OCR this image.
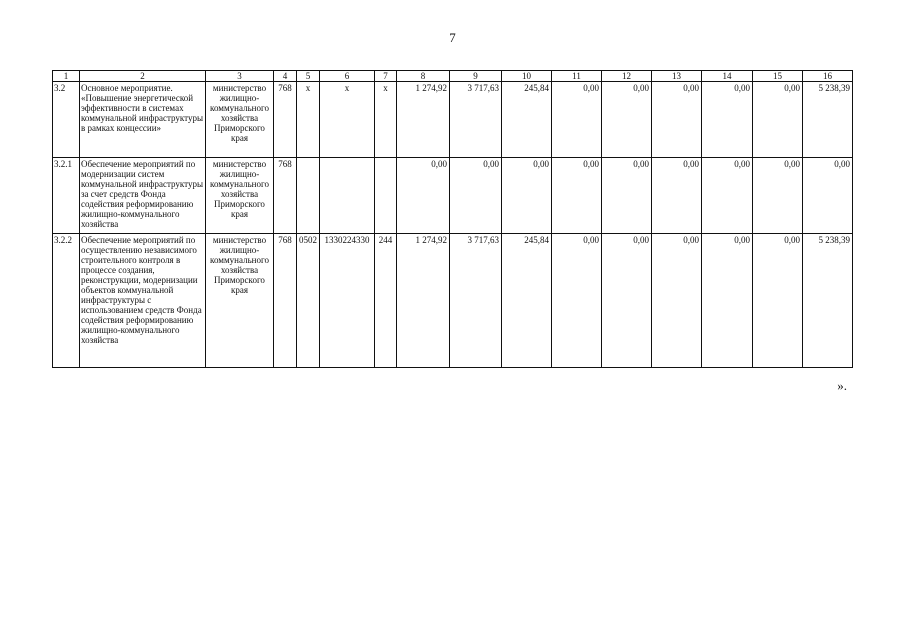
7
1	2	3	4	5	6	7	8	9	10	11	12	13	14	15	16
3.2	Основное мероприятие. «Повышение энергетической эффективности в системах коммунальной инфраструктуры в рамках концессии»	министерство жилищно-коммунального хозяйства Приморского края	768	х	х	х	1 274,92	3 717,63	245,84	0,00	0,00	0,00	0,00	0,00	5 238,39
3.2.1	Обеспечение мероприятий по модернизации систем коммунальной инфраструктуры за счет средств Фонда содействия реформированию жилищно-коммунального хозяйства	министерство жилищно-коммунального хозяйства Приморского края	768				0,00	0,00	0,00	0,00	0,00	0,00	0,00	0,00	0,00
3.2.2	Обеспечение мероприятий по осуществлению независимого строительного контроля в процессе создания, реконструкции, модернизации объектов коммунальной инфраструктуры с использованием средств Фонда содействия реформированию жилищно-коммунального хозяйства	министерство жилищно-коммунального хозяйства Приморского края	768	0502	1330224330	244	1 274,92	3 717,63	245,84	0,00	0,00	0,00	0,00	0,00	5 238,39
».
